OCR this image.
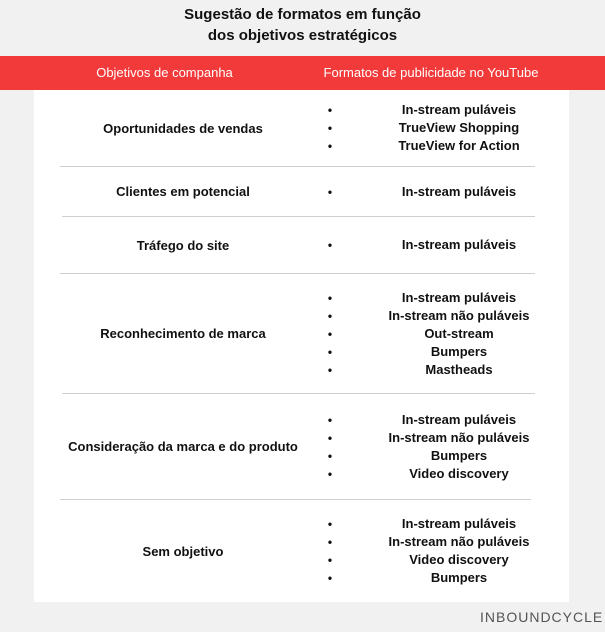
Sugestão de formatos em função
dos objetivos estratégicos
Objetivos de companha	Formatos de publicidade no YouTube
Oportunidades de vendas
•	In-stream puláveis
•	TrueView Shopping
•	TrueView for Action
Clientes em potencial	•	In-stream puláveis
Tráfego do site	•	In-stream puláveis
Reconhecimento de marca
•	In-stream puláveis
•	In-stream não puláveis
•	Out-stream
•	Bumpers
•	Mastheads
Consideração da marca e do produto
•	In-stream puláveis
•	In-stream não puláveis
•	Bumpers
•	Video discovery
Sem objetivo
•	In-stream puláveis
•	In-stream não puláveis
•	Video discovery
•	Bumpers
INBOUNDCYCLE
